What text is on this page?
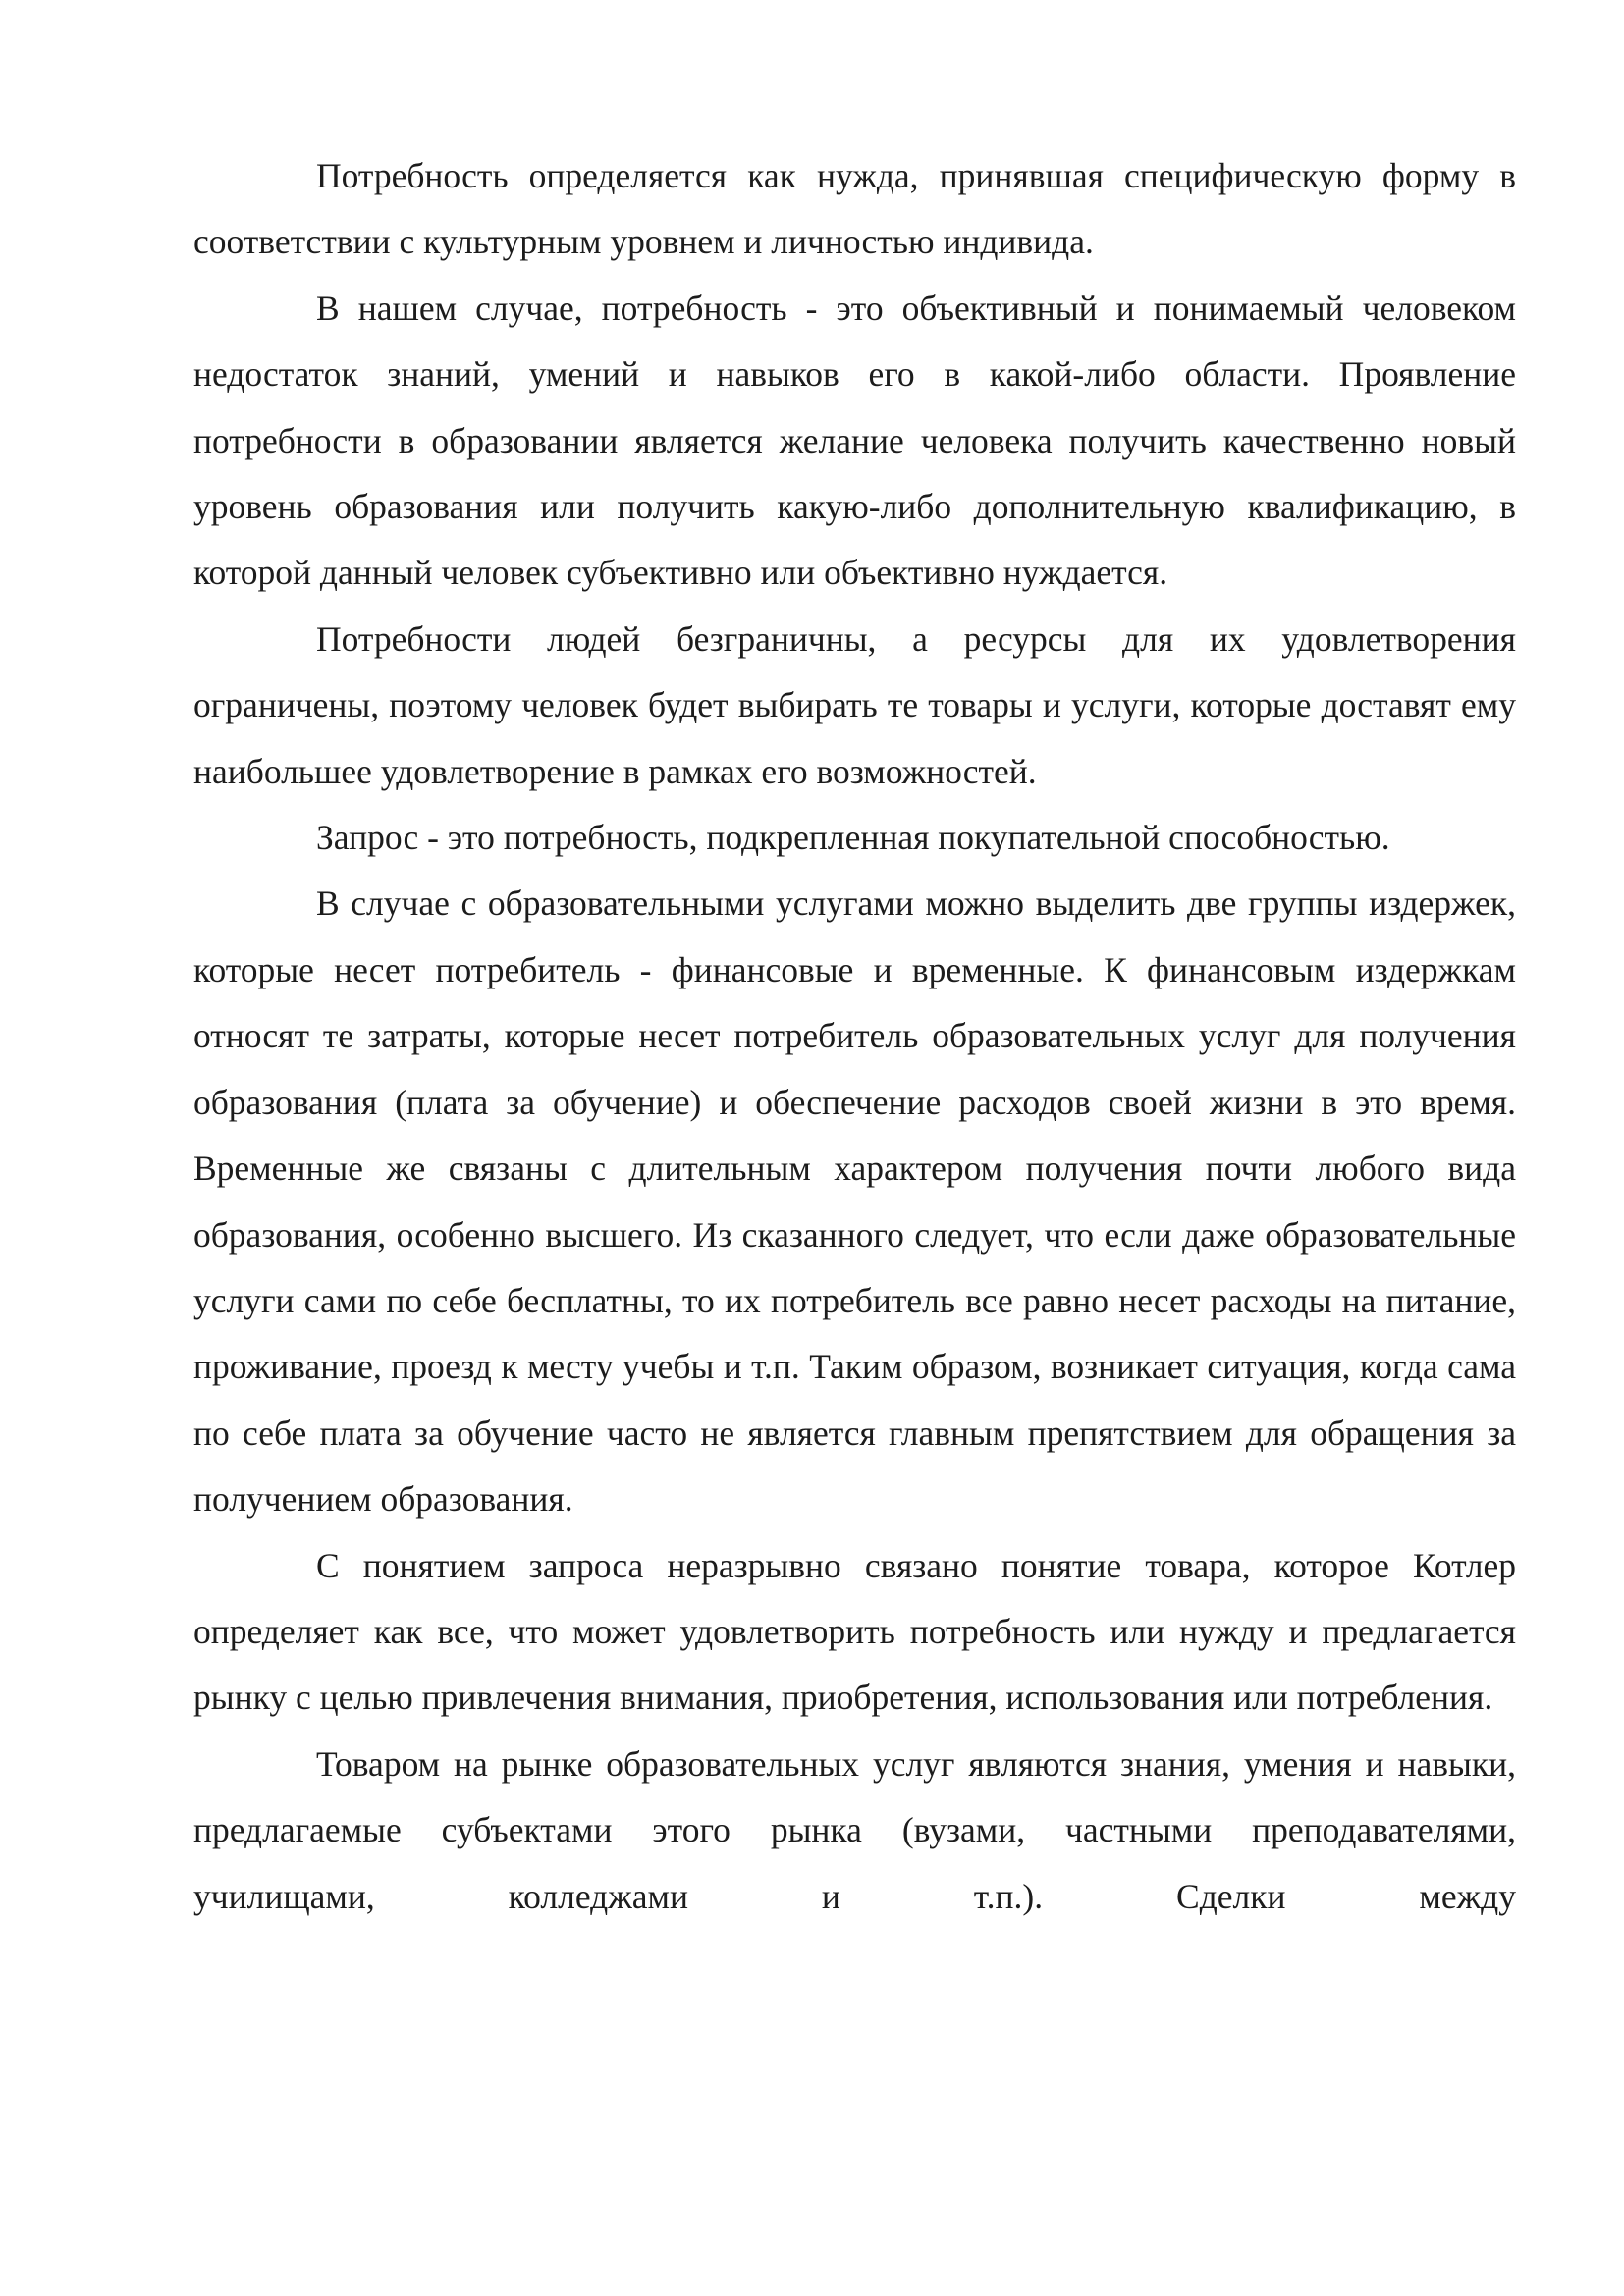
Потребность определяется как нужда, принявшая специфическую форму в соответствии с культурным уровнем и личностью индивида.

В нашем случае, потребность - это объективный и понимаемый человеком недостаток знаний, умений и навыков его в какой-либо области. Проявление потребности в образовании является желание человека получить качественно новый уровень образования или получить какую-либо дополнительную квалификацию, в которой данный человек субъективно или объективно нуждается.

Потребности людей безграничны, а ресурсы для их удовлетворения ограничены, поэтому человек будет выбирать те товары и услуги, которые доставят ему наибольшее удовлетворение в рамках его возможностей.

Запрос - это потребность, подкрепленная покупательной способностью.

В случае с образовательными услугами можно выделить две группы издержек, которые несет потребитель - финансовые и временные. К финансовым издержкам относят те затраты, которые несет потребитель образовательных услуг для получения образования (плата за обучение) и обеспечение расходов своей жизни в это время. Временные же связаны с длительным характером получения почти любого вида образования, особенно высшего. Из сказанного следует, что если даже образовательные услуги сами по себе бесплатны, то их потребитель все равно несет расходы на питание, проживание, проезд к месту учебы и т.п. Таким образом, возникает ситуация, когда сама по себе плата за обучение часто не является главным препятствием для обращения за получением образования.

С понятием запроса неразрывно связано понятие товара, которое Котлер определяет как все, что может удовлетворить потребность или нужду и предлагается рынку с целью привлечения внимания, приобретения, использования или потребления.

Товаром на рынке образовательных услуг являются знания, умения и навыки, предлагаемые субъектами этого рынка (вузами, частными преподавателями, училищами, колледжами и т.п.). Сделки между
